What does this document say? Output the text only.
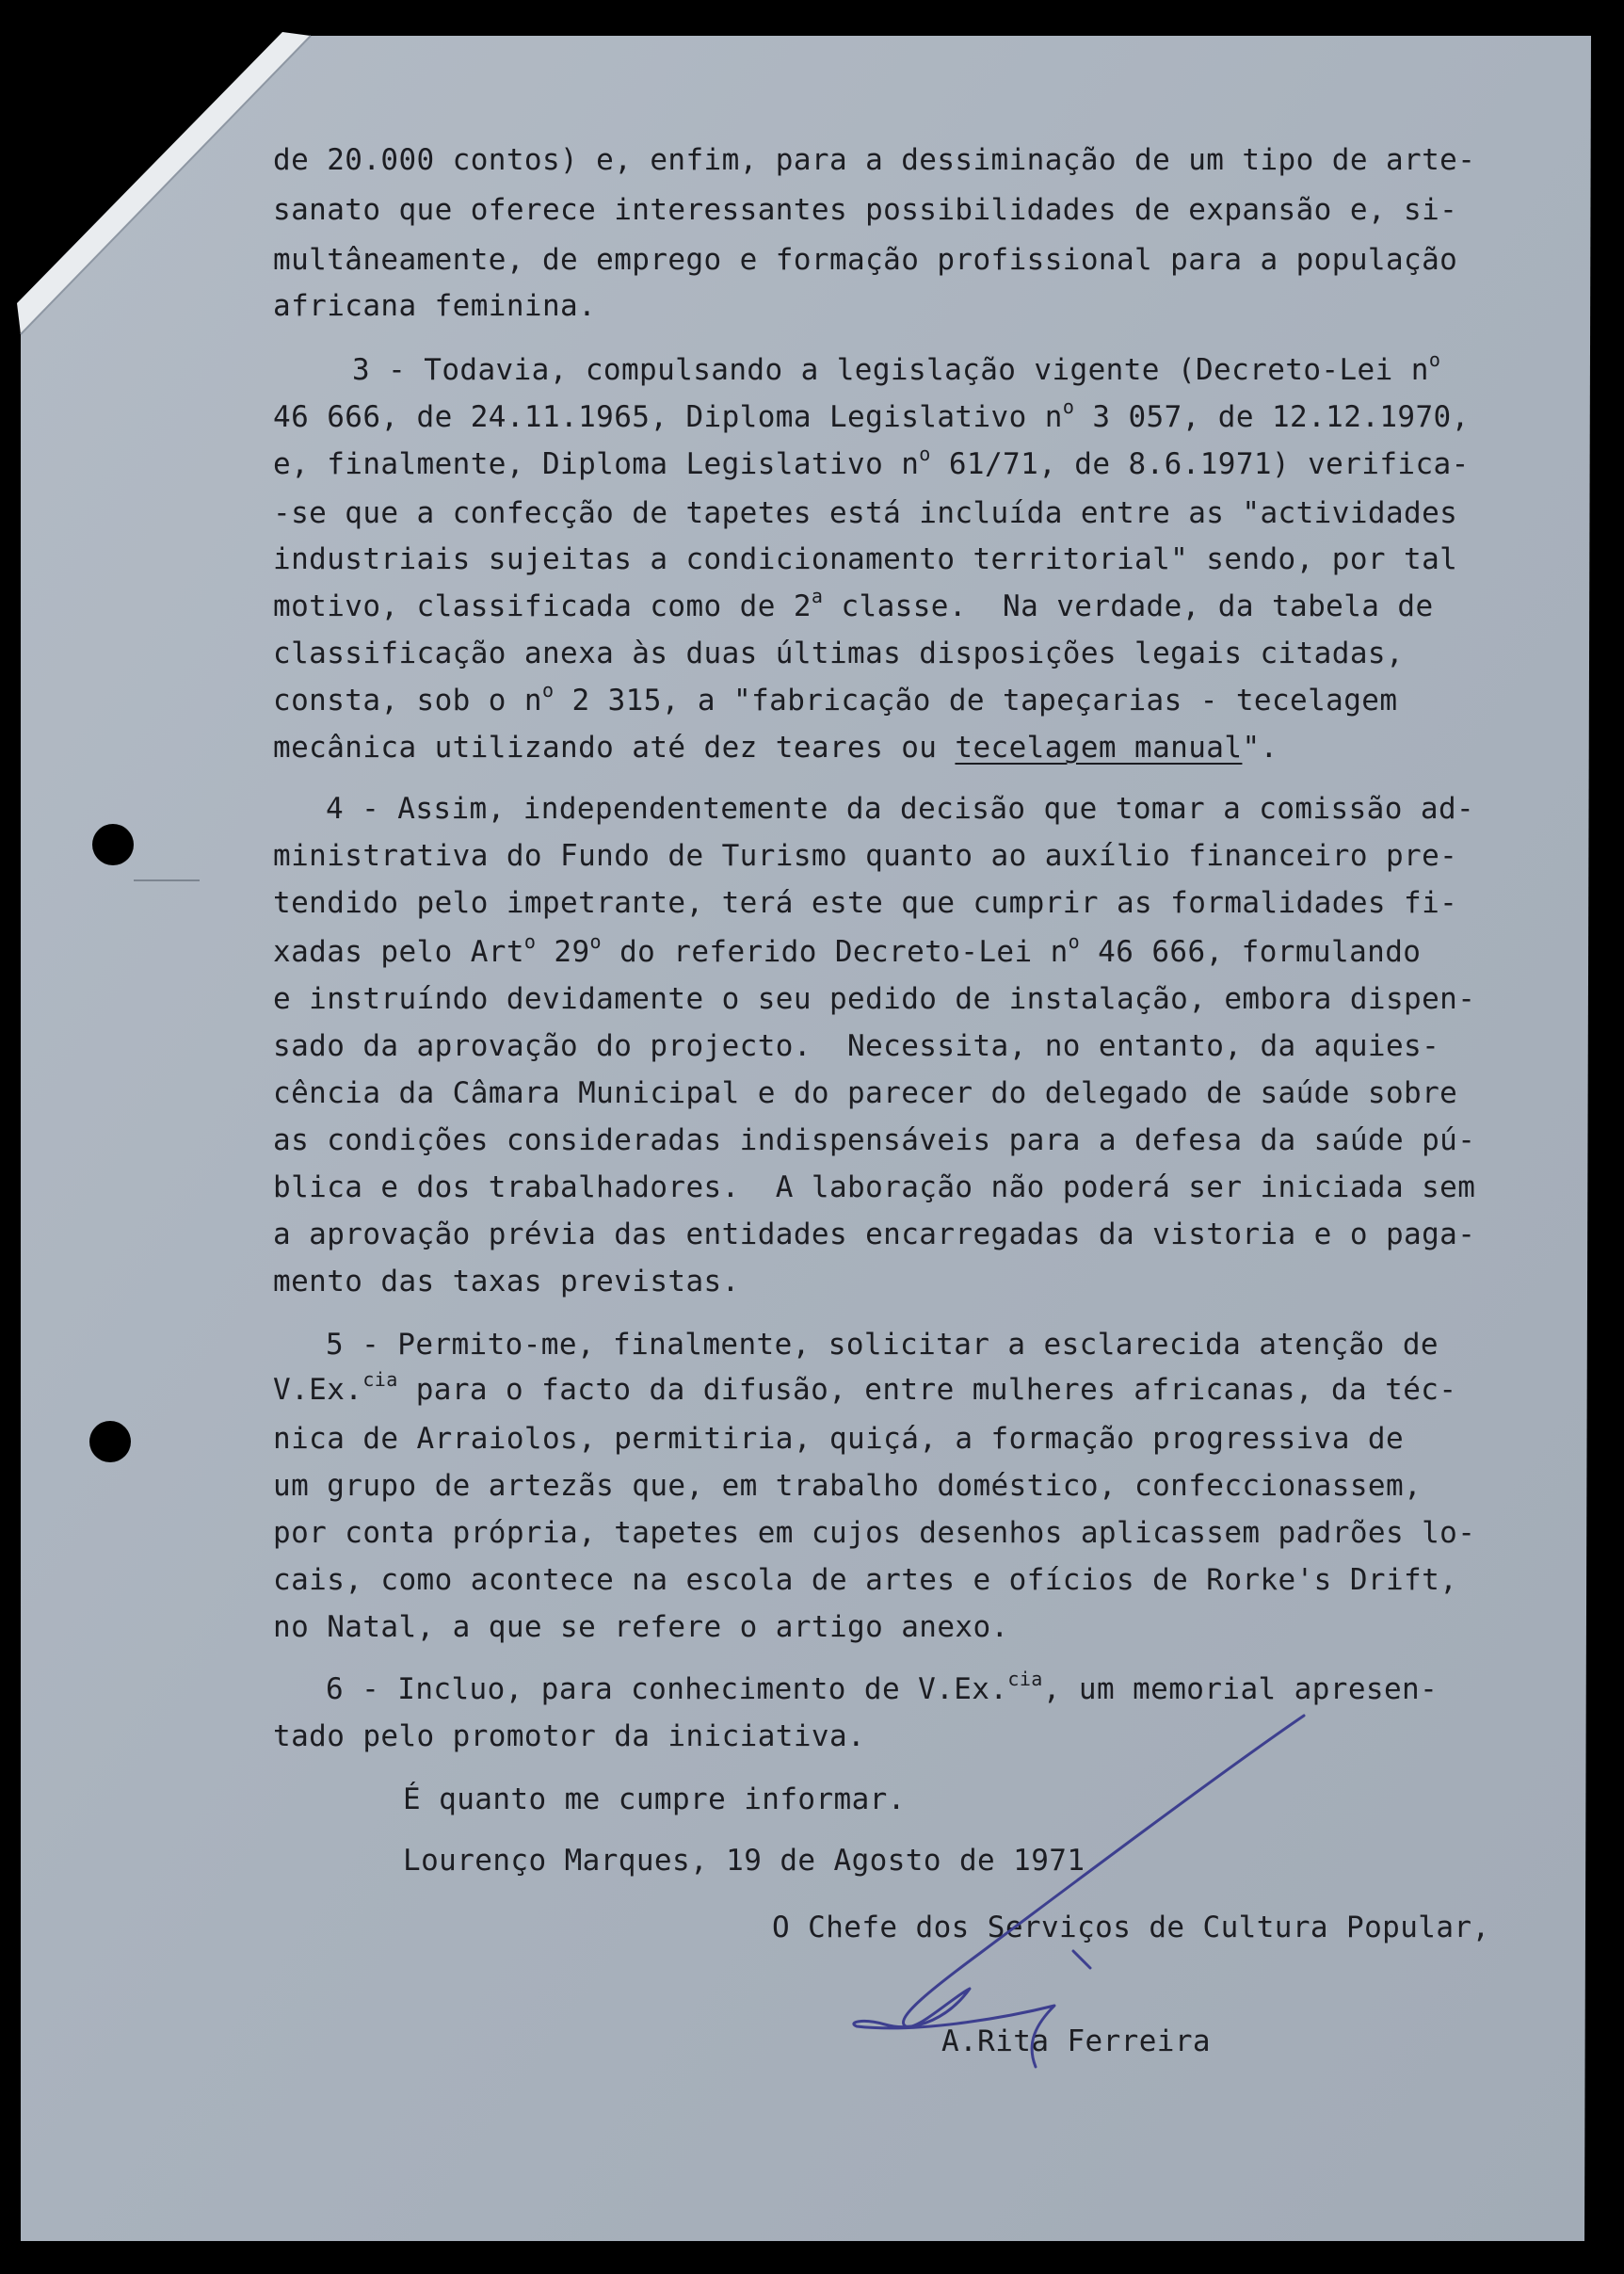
de 20.000 contos) e, enfim, para a dessiminação de um tipo de arte-
sanato que oferece interessantes possibilidades de expansão e, si-
multâneamente, de emprego e formação profissional para a população
africana feminina.
3 - Todavia, compulsando a legislação vigente (Decreto-Lei $n^o$
46 666, de 24.11.1965, Diploma Legislativo $n^o$ 3 057, de 12.12.1970,
e, finalmente, Diploma Legislativo $n^o$ 61/71, de 8.6.1971) verifica-
-se que a confecção de tapetes está incluída entre as "actividades
industriais sujeitas a condicionamento territorial" sendo, por tal
motivo, classificada como de 2$^a$ classe.  Na verdade, da tabela de
classificação anexa às duas últimas disposições legais citadas,
consta, sob o $n^o$ 2 315, a "fabricação de tapeçarias - tecelagem
mecânica utilizando até dez teares ou tecelagem manual".
4 - Assim, independentemente da decisão que tomar a comissão ad-
ministrativa do Fundo de Turismo quanto ao auxílio financeiro pre-
tendido pelo impetrante, terá este que cumprir as formalidades fi-
xadas pelo Art$^o$ 29$^o$ do referido Decreto-Lei $n^o$ 46 666, formulando
e instruíndo devidamente o seu pedido de instalação, embora dispen-
sado da aprovação do projecto.  Necessita, no entanto, da aquies-
cência da Câmara Municipal e do parecer do delegado de saúde sobre
as condições consideradas indispensáveis para a defesa da saúde pú-
blica e dos trabalhadores.  A laboração não poderá ser iniciada sem
a aprovação prévia das entidades encarregadas da vistoria e o paga-
mento das taxas previstas.
5 - Permito-me, finalmente, solicitar a esclarecida atenção de
V.Ex.$^{cia}$ para o facto da difusão, entre mulheres africanas, da téc-
nica de Arraiolos, permitiria, quiçá, a formação progressiva de
um grupo de artezãs que, em trabalho doméstico, confeccionassem,
por conta própria, tapetes em cujos desenhos aplicassem padrões lo-
cais, como acontece na escola de artes e ofícios de Rorke's Drift,
no Natal, a que se refere o artigo anexo.
6 - Incluo, para conhecimento de V.Ex.$^{cia}$, um memorial apresen-
tado pelo promotor da iniciativa.
É quanto me cumpre informar.
Lourenço Marques, 19 de Agosto de 1971
O Chefe dos Serviços de Cultura Popular,
A.Rita Ferreira
